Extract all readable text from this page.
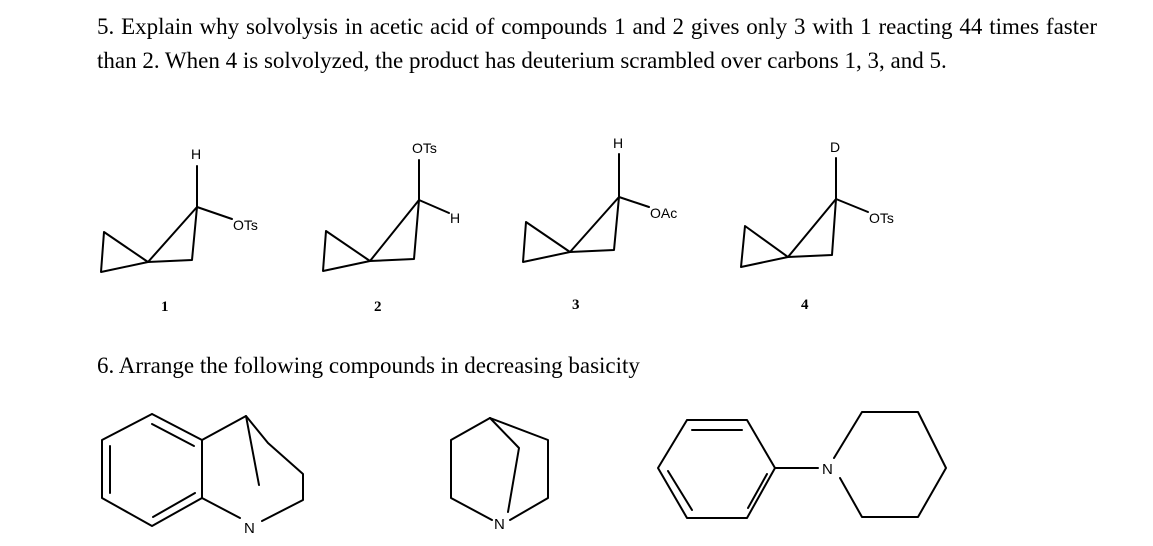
5. Explain why solvolysis in acetic acid of compounds 1 and 2 gives only 3 with 1 reacting 44 times faster than 2. When 4 is solvolyzed, the product has deuterium scrambled over carbons 1, 3, and 5.

H
OTs
1
OTs
H
2
H
OAc
3
D
OTs
4
N	N
N

6. Arrange the following compounds in decreasing basicity
